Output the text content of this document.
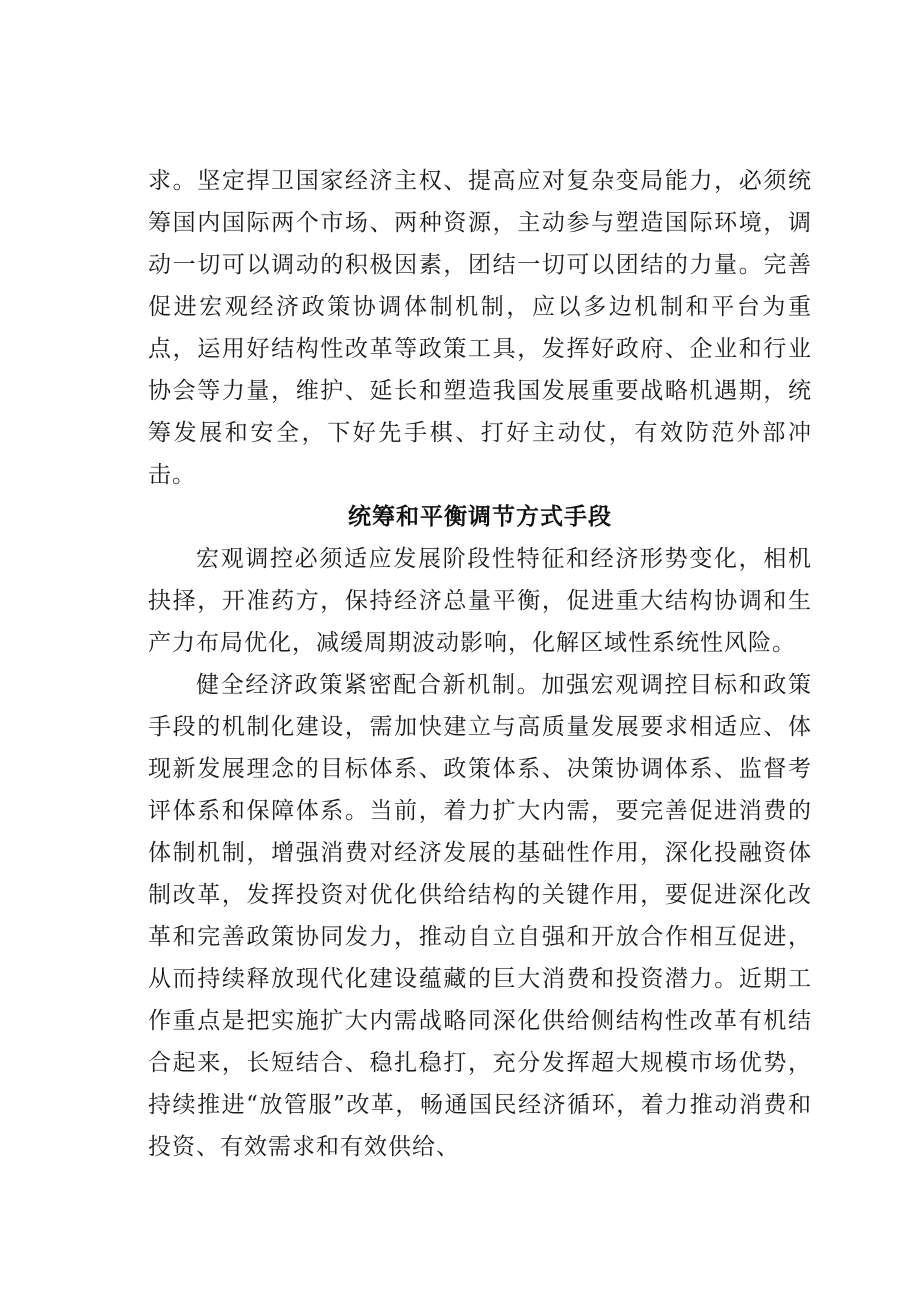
求。坚定捍卫国家经济主权、提高应对复杂变局能力，必须统筹国内国际两个市场、两种资源，主动参与塑造国际环境，调动一切可以调动的积极因素，团结一切可以团结的力量。完善促进宏观经济政策协调体制机制，应以多边机制和平台为重点，运用好结构性改革等政策工具，发挥好政府、企业和行业协会等力量，维护、延长和塑造我国发展重要战略机遇期，统筹发展和安全，下好先手棋、打好主动仗，有效防范外部冲击。

统筹和平衡调节方式手段

宏观调控必须适应发展阶段性特征和经济形势变化，相机抉择，开准药方，保持经济总量平衡，促进重大结构协调和生产力布局优化，减缓周期波动影响，化解区域性系统性风险。

健全经济政策紧密配合新机制。加强宏观调控目标和政策手段的机制化建设，需加快建立与高质量发展要求相适应、体现新发展理念的目标体系、政策体系、决策协调体系、监督考评体系和保障体系。当前，着力扩大内需，要完善促进消费的体制机制，增强消费对经济发展的基础性作用，深化投融资体制改革，发挥投资对优化供给结构的关键作用，要促进深化改革和完善政策协同发力，推动自立自强和开放合作相互促进，从而持续释放现代化建设蕴藏的巨大消费和投资潜力。近期工作重点是把实施扩大内需战略同深化供给侧结构性改革有机结合起来，长短结合、稳扎稳打，充分发挥超大规模市场优势，持续推进“放管服”改革，畅通国民经济循环，着力推动消费和投资、有效需求和有效供给、
